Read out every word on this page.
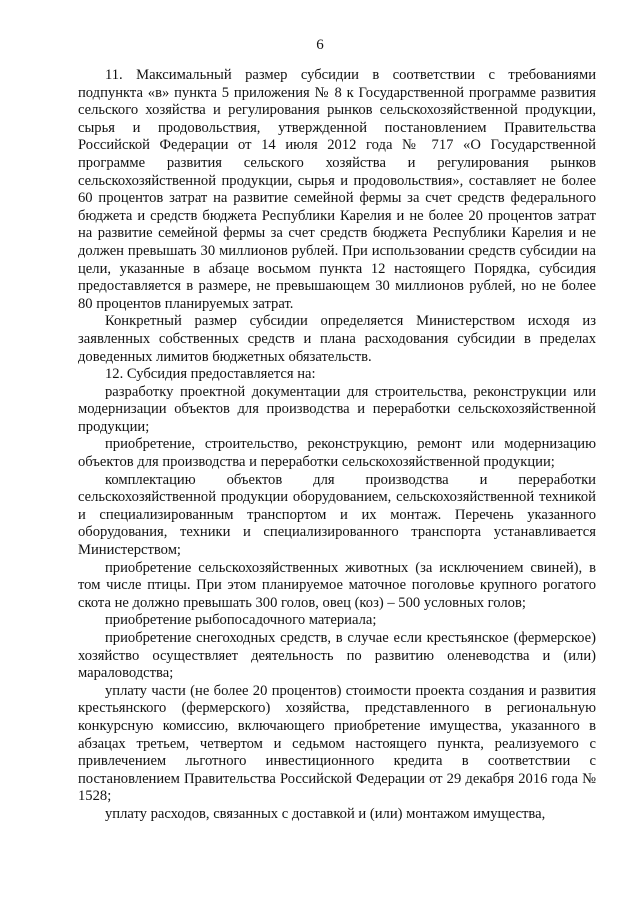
6

11. Максимальный размер субсидии в соответствии с требованиями подпункта «в» пункта 5 приложения № 8 к Государственной программе развития сельского хозяйства и регулирования рынков сельскохозяйственной продукции, сырья и продовольствия, утвержденной постановлением Правительства Российской Федерации от 14 июля 2012 года № 717 «О Государственной программе развития сельского хозяйства и регулирования рынков сельскохозяйственной продукции, сырья и продовольствия», составляет не более 60 процентов затрат на развитие семейной фермы за счет средств федерального бюджета и средств бюджета Республики Карелия и не более 20 процентов затрат на развитие семейной фермы за счет средств бюджета Республики Карелия и не должен превышать 30 миллионов рублей. При использовании средств субсидии на цели, указанные в абзаце восьмом пункта 12 настоящего Порядка, субсидия предоставляется в размере, не превышающем 30 миллионов рублей, но не более 80 процентов планируемых затрат.

Конкретный размер субсидии определяется Министерством исходя из заявленных собственных средств и плана расходования субсидии в пределах доведенных лимитов бюджетных обязательств.

12. Субсидия предоставляется на:

разработку проектной документации для строительства, реконструкции или модернизации объектов для производства и переработки сельскохозяйственной продукции;

приобретение, строительство, реконструкцию, ремонт или модернизацию объектов для производства и переработки сельскохозяйственной продукции;

комплектацию объектов для производства и переработки сельскохозяйственной продукции оборудованием, сельскохозяйственной техникой и специализированным транспортом и их монтаж. Перечень указанного оборудования, техники и специализированного транспорта устанавливается Министерством;

приобретение сельскохозяйственных животных (за исключением свиней), в том числе птицы. При этом планируемое маточное поголовье крупного рогатого скота не должно превышать 300 голов, овец (коз) – 500 условных голов;

приобретение рыбопосадочного материала;

приобретение снегоходных средств, в случае если крестьянское (фермерское) хозяйство осуществляет деятельность по развитию оленеводства и (или) мараловодства;

уплату части (не более 20 процентов) стоимости проекта создания и развития крестьянского (фермерского) хозяйства, представленного в региональную конкурсную комиссию, включающего приобретение имущества, указанного в абзацах третьем, четвертом и седьмом настоящего пункта, реализуемого с привлечением льготного инвестиционного кредита в соответствии с постановлением Правительства Российской Федерации от 29 декабря 2016 года № 1528;

уплату расходов, связанных с доставкой и (или) монтажом имущества,
